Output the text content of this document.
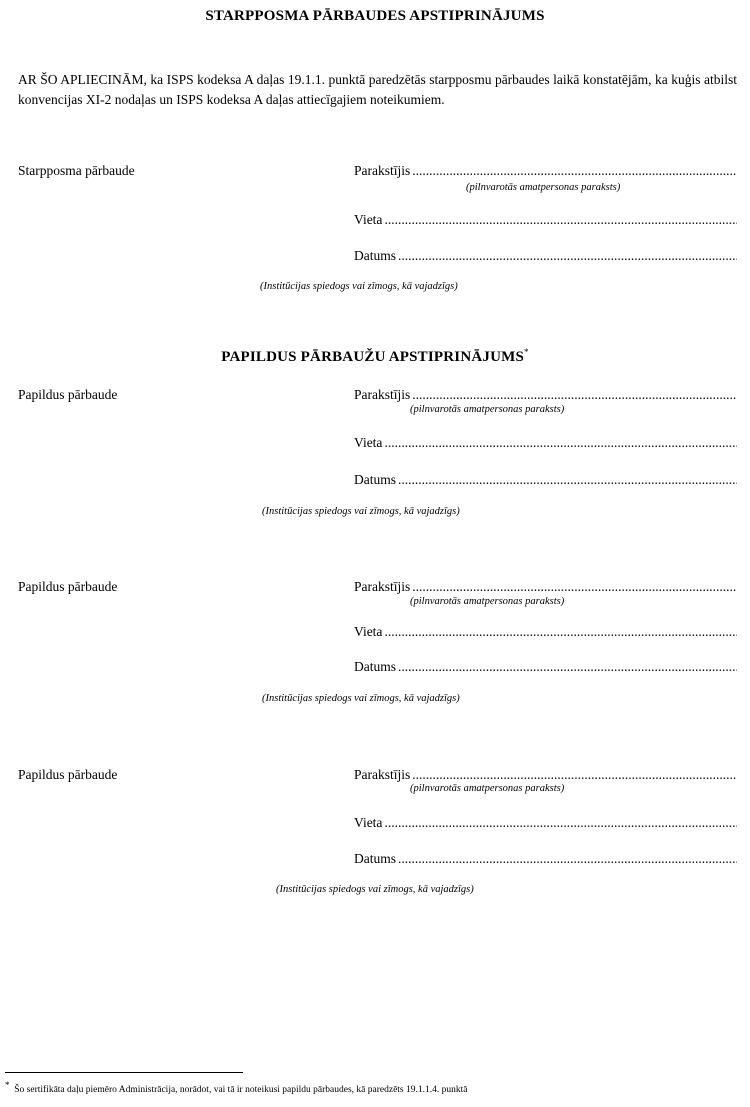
STARPPOSMA PĀRBAUDES APSTIPRINĀJUMS
AR ŠO APLIECINĀM, ka ISPS kodeksa A daļas 19.1.1. punktā paredzētās starpposmu pārbaudes laikā konstatējām, ka kuģis atbilst konvencijas XI-2 nodaļas un ISPS kodeksa A daļas attiecīgajiem noteikumiem.
Starpposma pārbaude	Parakstījis
.....
(pilnvarotās amatpersonas paraksts)
Vieta
.....
Datums
.....
(Institūcijas spiedogs vai zīmogs, kā vajadzīgs)
PAPILDUS PĀRBAUŽU APSTIPRINĀJUMS*
Papildus pārbaude	Parakstījis
.....
(pilnvarotās amatpersonas paraksts)
Vieta
.....
Datums
.....
(Institūcijas spiedogs vai zīmogs, kā vajadzīgs)
Papildus pārbaude	Parakstījis
.....
(pilnvarotās amatpersonas paraksts)
Vieta
.....
Datums
.....
(Institūcijas spiedogs vai zīmogs, kā vajadzīgs)
Papildus pārbaude	Parakstījis
.....
(pilnvarotās amatpersonas paraksts)
Vieta
.....
Datums
.....
(Institūcijas spiedogs vai zīmogs, kā vajadzīgs)
*  Šo sertifikāta daļu piemēro Administrācija, norādot, vai tā ir noteikusi papildu pārbaudes, kā paredzēts 19.1.1.4. punktā
